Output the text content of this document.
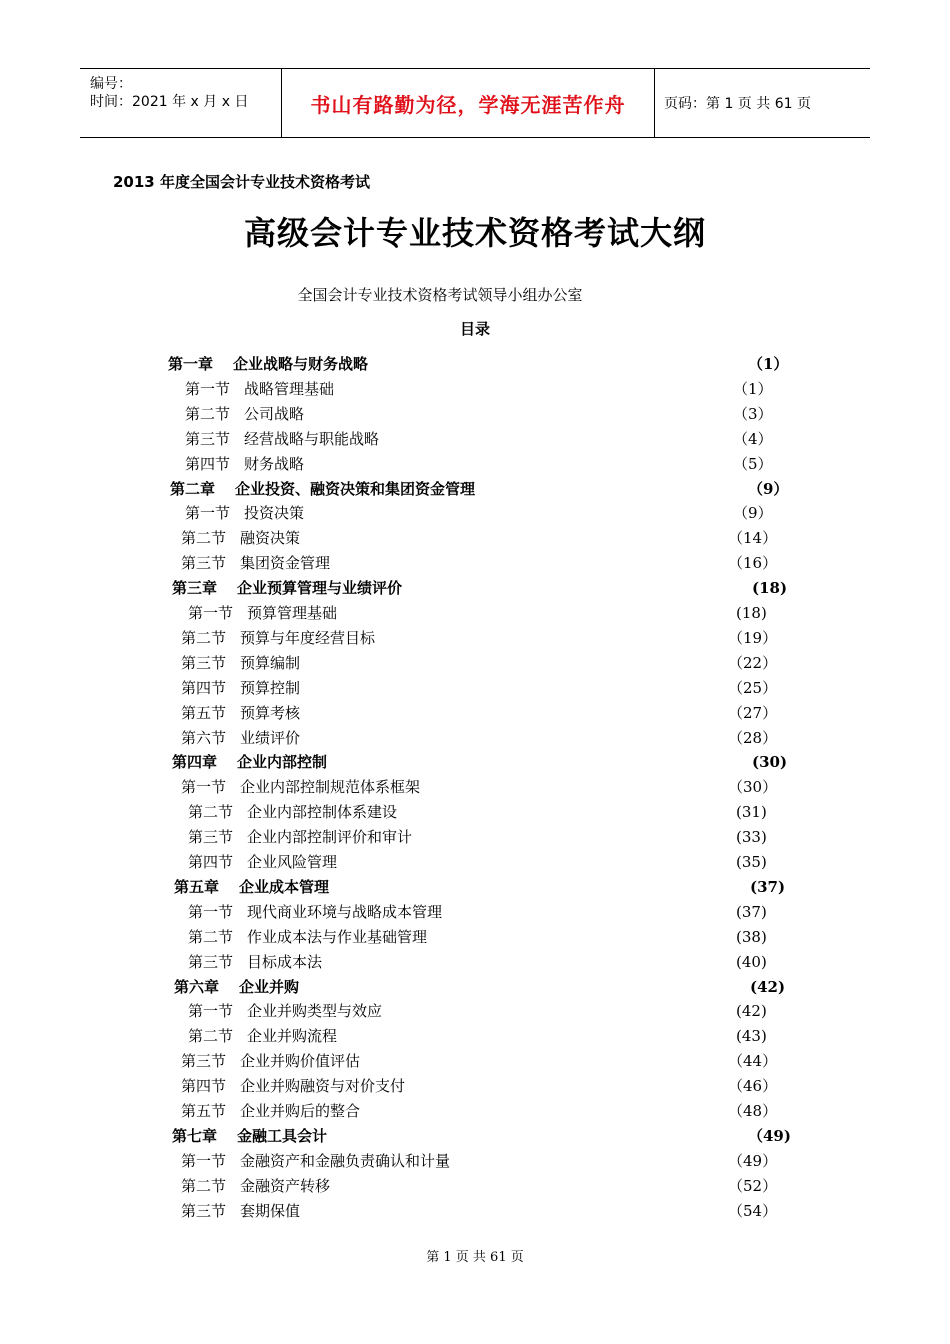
编号：
时间：2021 年 x 月 x 日	书山有路勤为径，学海无涯苦作舟	页码：第 1 页 共 61 页
2013 年度全国会计专业技术资格考试
高级会计专业技术资格考试大纲
全国会计专业技术资格考试领导小组办公室
目录
第一章 企业战略与财务战略	（1）
第一节 战略管理基础	（1）
第二节 公司战略	（3）
第三节 经营战略与职能战略	（4）
第四节 财务战略	（5）
第二章 企业投资、融资决策和集团资金管理	（9）
第一节 投资决策	（9）
第二节 融资决策	（14）
第三节 集团资金管理	（16）
第三章 企业预算管理与业绩评价	(18)
第一节 预算管理基础	(18)
第二节 预算与年度经营目标	（19）
第三节 预算编制	（22）
第四节 预算控制	（25）
第五节 预算考核	（27）
第六节 业绩评价	（28）
第四章 企业内部控制	(30)
第一节 企业内部控制规范体系框架	（30）
第二节 企业内部控制体系建设	(31)
第三节 企业内部控制评价和审计	(33)
第四节 企业风险管理	(35)
第五章 企业成本管理	(37)
第一节 现代商业环境与战略成本管理	(37)
第二节 作业成本法与作业基础管理	(38)
第三节 目标成本法	(40)
第六章 企业并购	(42)
第一节 企业并购类型与效应	(42)
第二节 企业并购流程	(43)
第三节 企业并购价值评估	（44）
第四节 企业并购融资与对价支付	（46）
第五节 企业并购后的整合	（48）
第七章 金融工具会计	（49)
第一节 金融资产和金融负责确认和计量	（49）
第二节 金融资产转移	（52）
第三节 套期保值	（54）
第 1 页 共 61 页
